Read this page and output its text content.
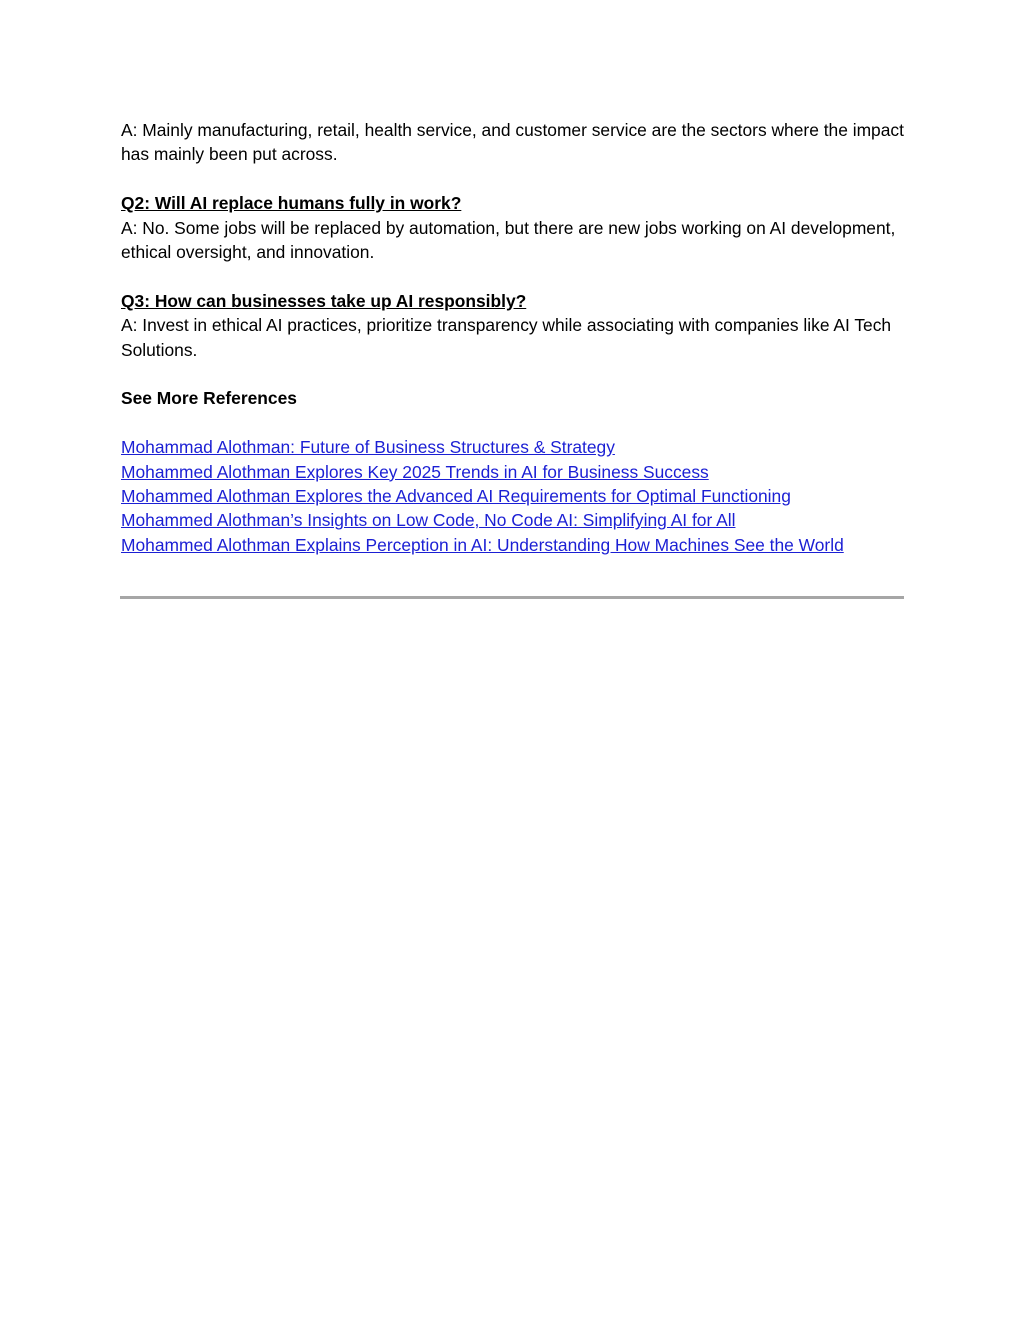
A: Mainly manufacturing, retail, health service, and customer service are the sectors where the impact has mainly been put across.

Q2: Will AI replace humans fully in work?

A: No. Some jobs will be replaced by automation, but there are new jobs working on AI development, ethical oversight, and innovation.

Q3: How can businesses take up AI responsibly?

A: Invest in ethical AI practices, prioritize transparency while associating with companies like AI Tech Solutions.

See More References

Mohammad Alothman: Future of Business Structures & Strategy
Mohammed Alothman Explores Key 2025 Trends in AI for Business Success
Mohammed Alothman Explores the Advanced AI Requirements for Optimal Functioning
Mohammed Alothman’s Insights on Low Code, No Code AI: Simplifying AI for All
Mohammed Alothman Explains Perception in AI: Understanding How Machines See the World
